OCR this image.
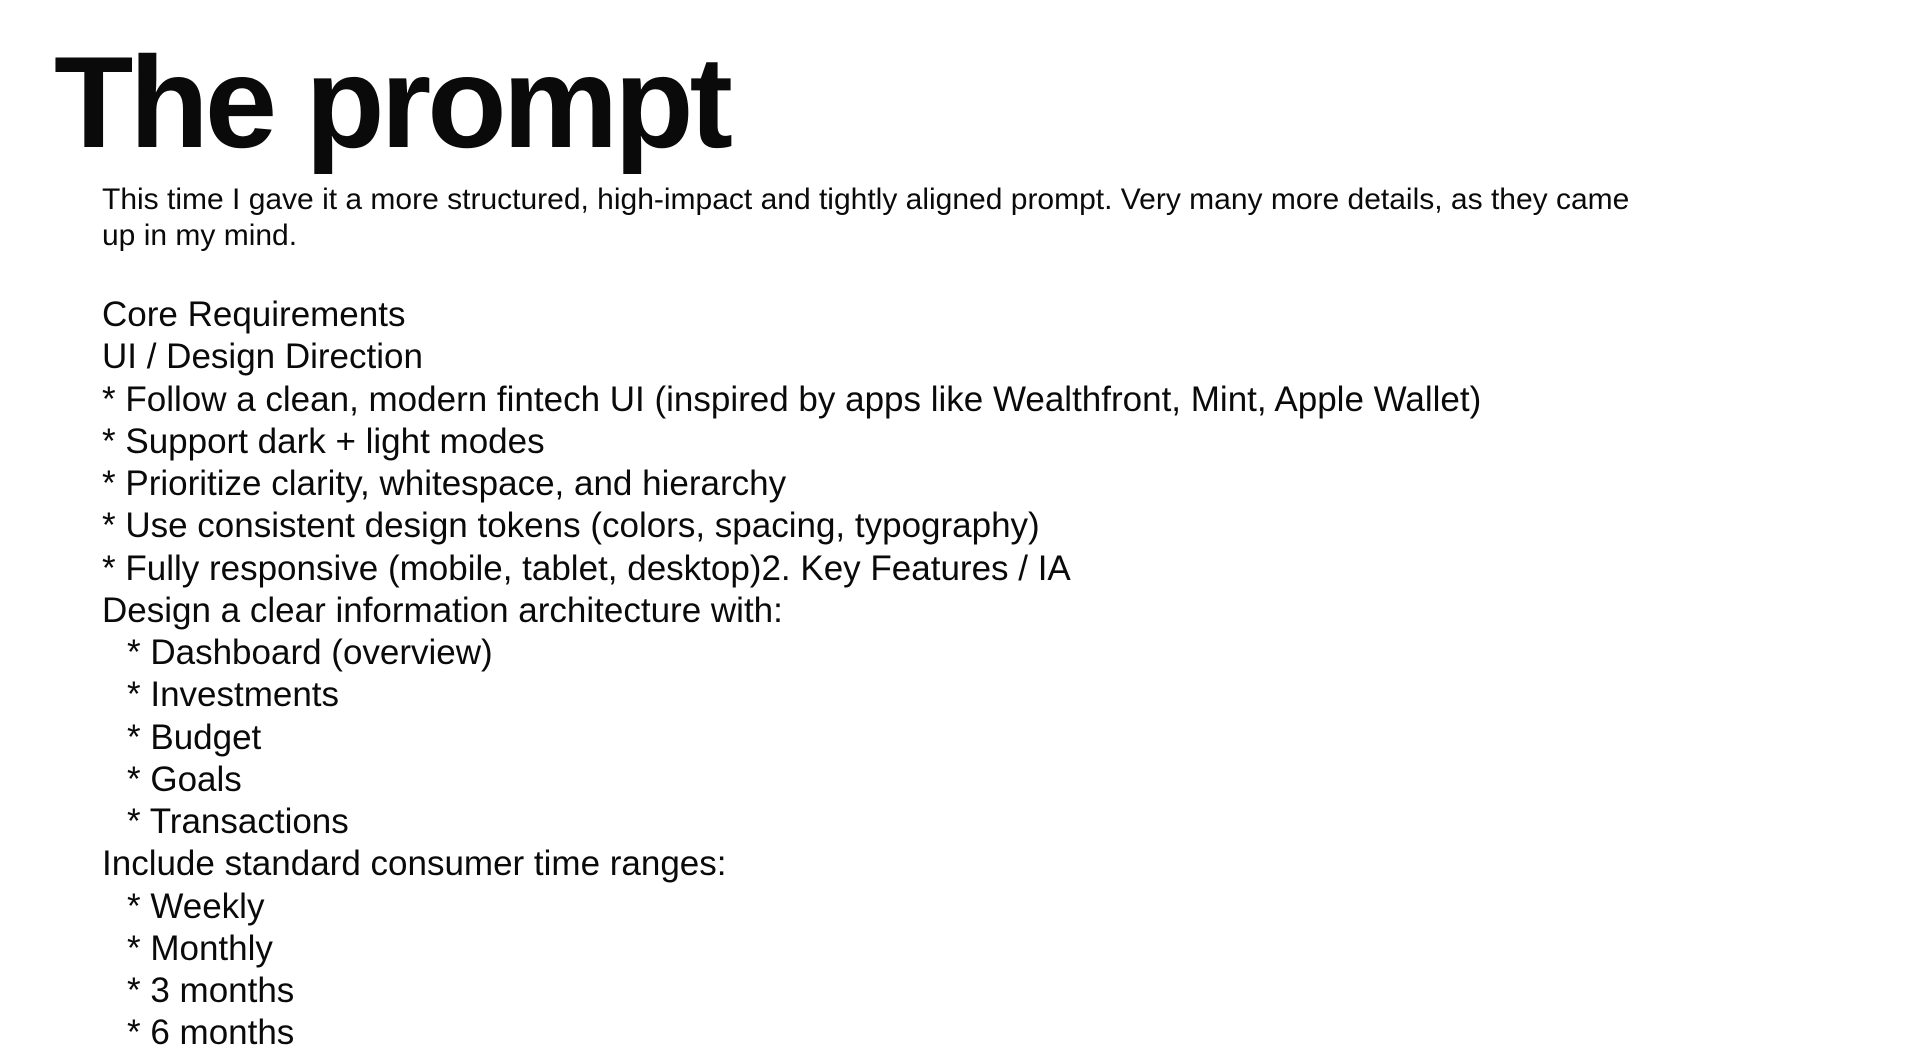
The prompt

This time I gave it a more structured, high-impact and tightly aligned prompt. Very many more details, as they came up in my mind.

Core Requirements
UI / Design Direction
* Follow a clean, modern fintech UI (inspired by apps like Wealthfront, Mint, Apple Wallet)
* Support dark + light modes
* Prioritize clarity, whitespace, and hierarchy
* Use consistent design tokens (colors, spacing, typography)
* Fully responsive (mobile, tablet, desktop)2. Key Features / IA
Design a clear information architecture with:
* Dashboard (overview)
* Investments
* Budget
* Goals
* Transactions
Include standard consumer time ranges:
* Weekly
* Monthly
* 3 months
* 6 months
